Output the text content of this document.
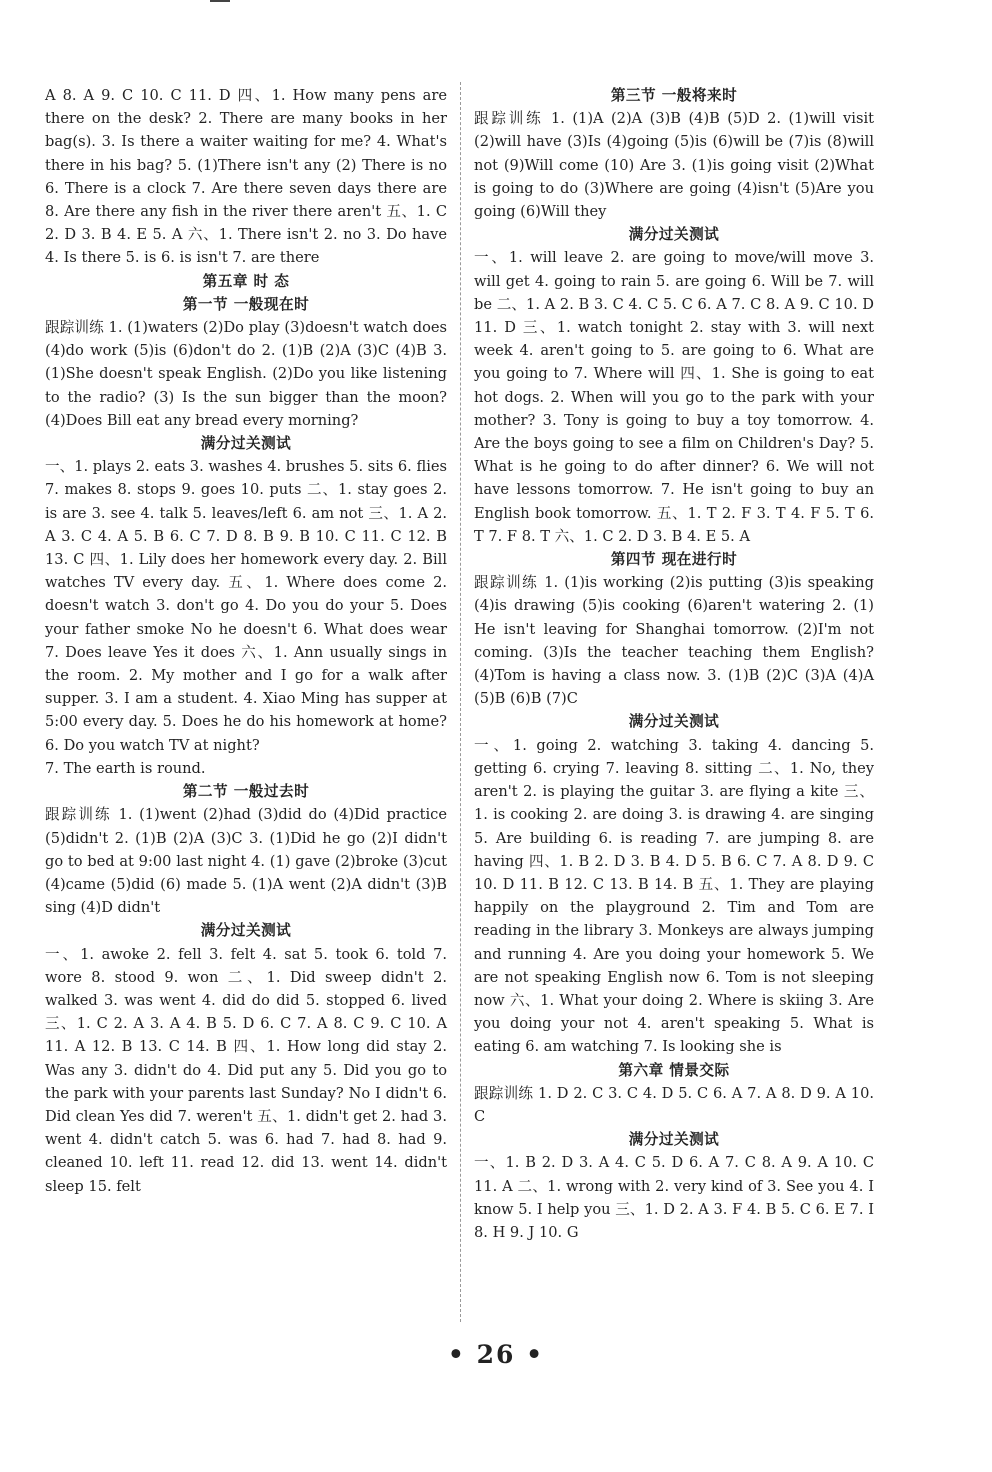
A 8. A 9. C 10. C 11. D 四、1. How many pens are there on the desk? 2. There are many books in her bag(s). 3. Is there a waiter waiting for me? 4. What's there in his bag? 5. (1)There isn't any (2) There is no 6. There is a clock 7. Are there seven days there are 8. Are there any fish in the river there aren't 五、1. C 2. D 3. B 4. E 5. A 六、1. There isn't 2. no 3. Do have 4. Is there 5. is 6. is isn't 7. are there

第五章 时 态

第一节 一般现在时

跟踪训练 1. (1)waters (2)Do play (3)doesn't watch does (4)do work (5)is (6)don't do 2. (1)B (2)A (3)C (4)B 3. (1)She doesn't speak English. (2)Do you like listening to the radio? (3) Is the sun bigger than the moon? (4)Does Bill eat any bread every morning?

满分过关测试

一、1. plays 2. eats 3. washes 4. brushes 5. sits 6. flies 7. makes 8. stops 9. goes 10. puts 二、1. stay goes 2. is are 3. see 4. talk 5. leaves/left 6. am not 三、1. A 2. A 3. C 4. A 5. B 6. C 7. D 8. B 9. B 10. C 11. C 12. B 13. C 四、1. Lily does her homework every day. 2. Bill watches TV every day. 五、1. Where does come 2. doesn't watch 3. don't go 4. Do you do your 5. Does your father smoke No he doesn't 6. What does wear 7. Does leave Yes it does 六、1. Ann usually sings in the room. 2. My mother and I go for a walk after supper. 3. I am a student. 4. Xiao Ming has supper at 5:00 every day. 5. Does he do his homework at home? 6. Do you watch TV at night?

7. The earth is round.

第二节 一般过去时

跟踪训练 1. (1)went (2)had (3)did do (4)Did practice (5)didn't 2. (1)B (2)A (3)C 3. (1)Did he go (2)I didn't go to bed at 9:00 last night 4. (1) gave (2)broke (3)cut (4)came (5)did (6) made 5. (1)A went (2)A didn't (3)B sing (4)D didn't

满分过关测试

一、1. awoke 2. fell 3. felt 4. sat 5. took 6. told 7. wore 8. stood 9. won 二、1. Did sweep didn't 2. walked 3. was went 4. did do did 5. stopped 6. lived 三、1. C 2. A 3. A 4. B 5. D 6. C 7. A 8. C 9. C 10. A 11. A 12. B 13. C 14. B 四、1. How long did stay 2. Was any 3. didn't do 4. Did put any 5. Did you go to the park with your parents last Sunday? No I didn't 6. Did clean Yes did 7. weren't 五、1. didn't get 2. had 3. went 4. didn't catch 5. was 6. had 7. had 8. had 9. cleaned 10. left 11. read 12. did 13. went 14. didn't sleep 15. felt

第三节 一般将来时

跟踪训练 1. (1)A (2)A (3)B (4)B (5)D 2. (1)will visit (2)will have (3)Is (4)going (5)is (6)will be (7)is (8)will not (9)Will come (10) Are 3. (1)is going visit (2)What is going to do (3)Where are going (4)isn't (5)Are you going (6)Will they

满分过关测试

一、1. will leave 2. are going to move/will move 3. will get 4. going to rain 5. are going 6. Will be 7. will be 二、1. A 2. B 3. C 4. C 5. C 6. A 7. C 8. A 9. C 10. D 11. D 三、1. watch tonight 2. stay with 3. will next week 4. aren't going to 5. are going to 6. What are you going to 7. Where will 四、1. She is going to eat hot dogs. 2. When will you go to the park with your mother? 3. Tony is going to buy a toy tomorrow. 4. Are the boys going to see a film on Children's Day? 5. What is he going to do after dinner? 6. We will not have lessons tomorrow. 7. He isn't going to buy an English book tomorrow. 五、1. T 2. F 3. T 4. F 5. T 6. T 7. F 8. T 六、1. C 2. D 3. B 4. E 5. A

第四节 现在进行时

跟踪训练 1. (1)is working (2)is putting (3)is speaking (4)is drawing (5)is cooking (6)aren't watering 2. (1) He isn't leaving for Shanghai tomorrow. (2)I'm not coming. (3)Is the teacher teaching them English? (4)Tom is having a class now. 3. (1)B (2)C (3)A (4)A (5)B (6)B (7)C

满分过关测试

一、1. going 2. watching 3. taking 4. dancing 5. getting 6. crying 7. leaving 8. sitting 二、1. No, they aren't 2. is playing the guitar 3. are flying a kite 三、1. is cooking 2. are doing 3. is drawing 4. are singing 5. Are building 6. is reading 7. are jumping 8. are having 四、1. B 2. D 3. B 4. D 5. B 6. C 7. A 8. D 9. C 10. D 11. B 12. C 13. B 14. B 五、1. They are playing happily on the playground 2. Tim and Tom are reading in the library 3. Monkeys are always jumping and running 4. Are you doing your homework 5. We are not speaking English now 6. Tom is not sleeping now 六、1. What your doing 2. Where is skiing 3. Are you doing your not 4. aren't speaking 5. What is eating 6. am watching 7. Is looking she is

第六章 情景交际

跟踪训练 1. D 2. C 3. C 4. D 5. C 6. A 7. A 8. D 9. A 10. C

满分过关测试

一、1. B 2. D 3. A 4. C 5. D 6. A 7. C 8. A 9. A 10. C 11. A 二、1. wrong with 2. very kind of 3. See you 4. I know 5. I help you 三、1. D 2. A 3. F 4. B 5. C 6. E 7. I 8. H 9. J 10. G

• 26 •
